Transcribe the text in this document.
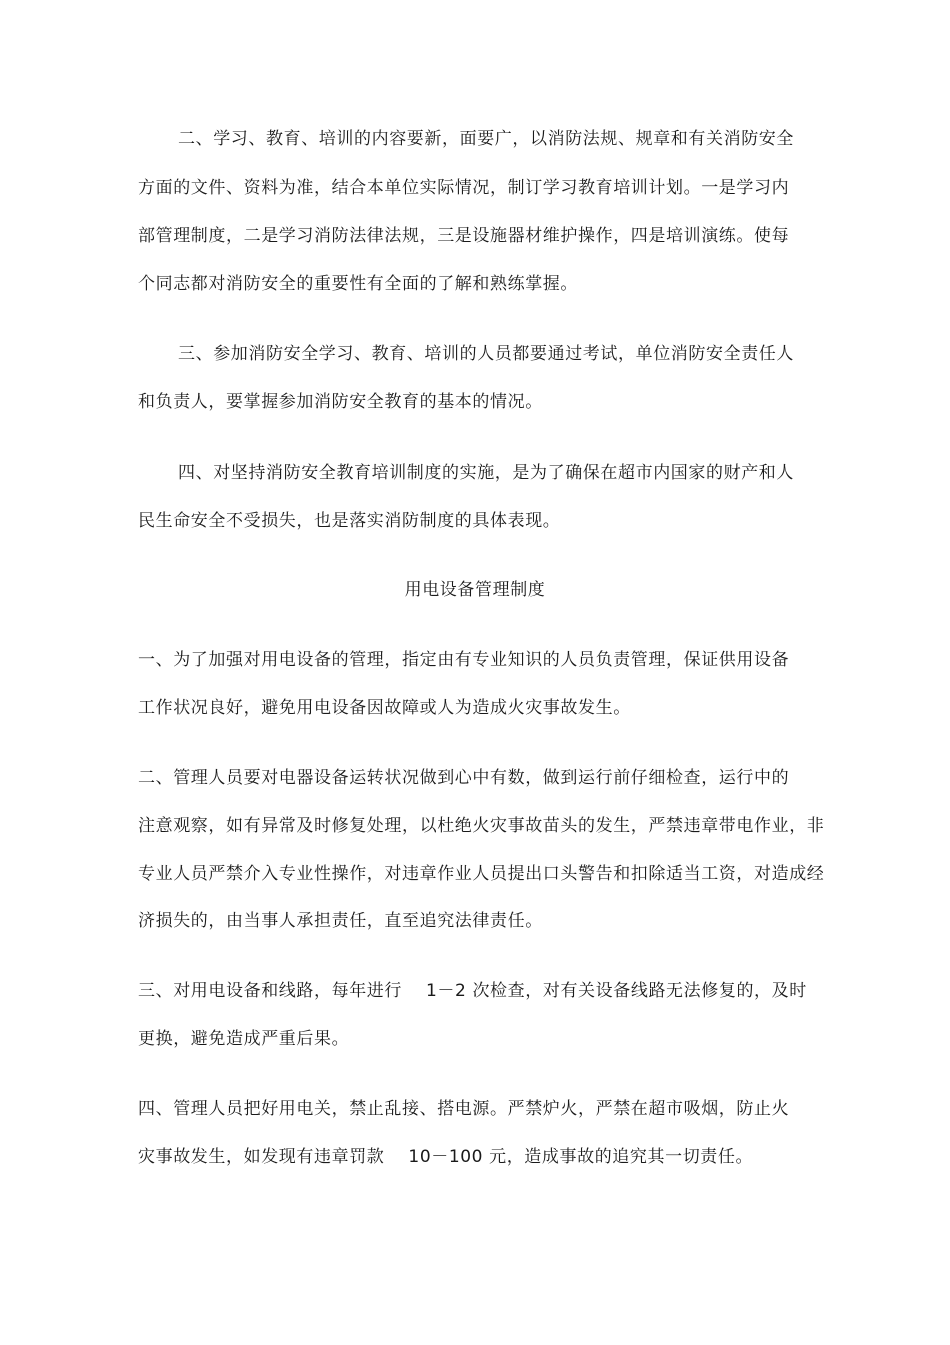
二、学习、教育、培训的内容要新，面要广，以消防法规、规章和有关消防安全
方面的文件、资料为准，结合本单位实际情况，制订学习教育培训计划。一是学习内
部管理制度，二是学习消防法律法规，三是设施器材维护操作，四是培训演练。使每
个同志都对消防安全的重要性有全面的了解和熟练掌握。
三、参加消防安全学习、教育、培训的人员都要通过考试，单位消防安全责任人
和负责人，要掌握参加消防安全教育的基本的情况。
四、对坚持消防安全教育培训制度的实施，是为了确保在超市内国家的财产和人
民生命安全不受损失，也是落实消防制度的具体表现。
用电设备管理制度
一、为了加强对用电设备的管理，指定由有专业知识的人员负责管理，保证供用设备
工作状况良好，避免用电设备因故障或人为造成火灾事故发生。
二、管理人员要对电器设备运转状况做到心中有数，做到运行前仔细检查，运行中的
注意观察，如有异常及时修复处理，以杜绝火灾事故苗头的发生，严禁违章带电作业，非
专业人员严禁介入专业性操作，对违章作业人员提出口头警告和扣除适当工资，对造成经
济损失的，由当事人承担责任，直至追究法律责任。
三、对用电设备和线路，每年进行    1－2 次检查，对有关设备线路无法修复的，及时
更换，避免造成严重后果。
四、管理人员把好用电关，禁止乱接、搭电源。严禁炉火，严禁在超市吸烟，防止火
灾事故发生，如发现有违章罚款    10－100 元，造成事故的追究其一切责任。
